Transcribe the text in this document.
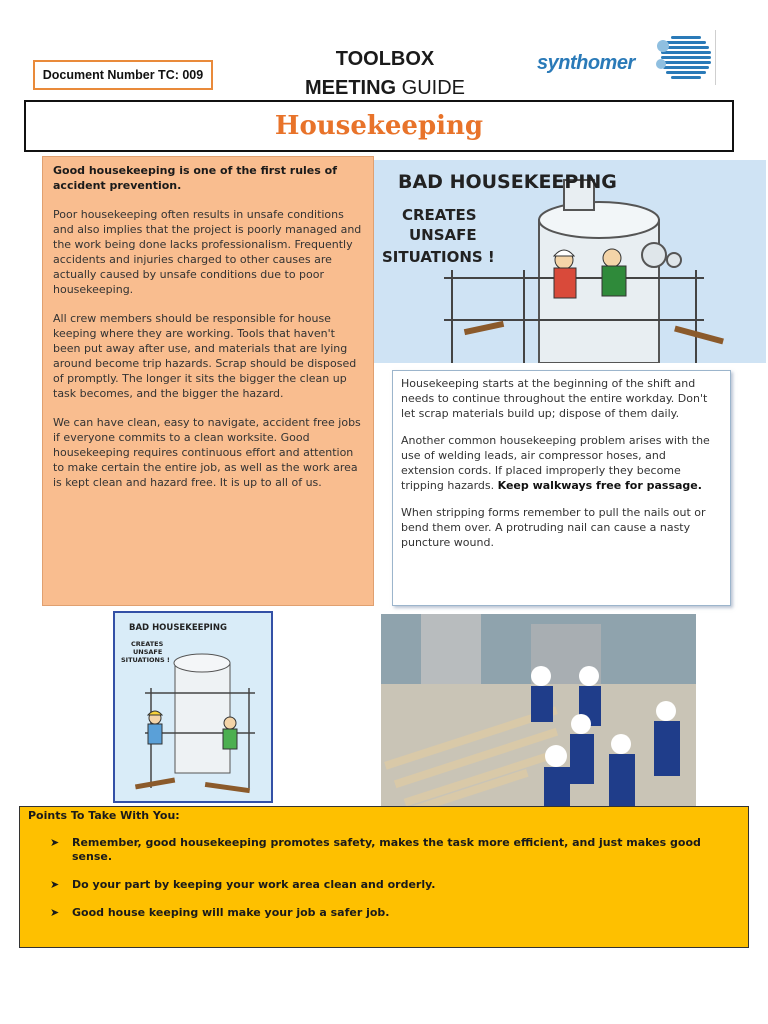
Document Number TC: 009
TOOLBOX
MEETING GUIDE
synthomer
Housekeeping

Good housekeeping is one of the first rules of accident prevention.

Poor housekeeping often results in unsafe conditions and also implies that the project is poorly managed and the work being done lacks professionalism. Frequently accidents and injuries charged to other causes are actually caused by unsafe conditions due to poor housekeeping.

All crew members should be responsible for house keeping where they are working. Tools that haven't been put away after use, and materials that are lying around become trip hazards. Scrap should be disposed of promptly. The longer it sits the bigger the clean up task becomes, and the bigger the hazard.

We can have clean, easy to navigate, accident free jobs if everyone commits to a clean worksite. Good housekeeping requires continuous effort and attention to make certain the entire job, as well as the work area is kept clean and hazard free. It is up to all of us.

BAD HOUSEKEEPING
CREATES
UNSAFE
SITUATIONS !

Housekeeping starts at the beginning of the shift and needs to continue throughout the entire workday. Don't let scrap materials build up; dispose of them daily.

Another common housekeeping problem arises with the use of welding leads, air compressor hoses, and extension cords. If placed improperly they become tripping hazards. Keep walkways free for passage.

When stripping forms remember to pull the nails out or bend them over. A protruding nail can cause a nasty puncture wound.

BAD HOUSEKEEPING
CREATES
UNSAFE
SITUATIONS !
Points To Take With You:
➤ Remember, good housekeeping promotes safety, makes the task more efficient, and just makes good sense.
➤ Do your part by keeping your work area clean and orderly.
➤ Good house keeping will make your job a safer job.
